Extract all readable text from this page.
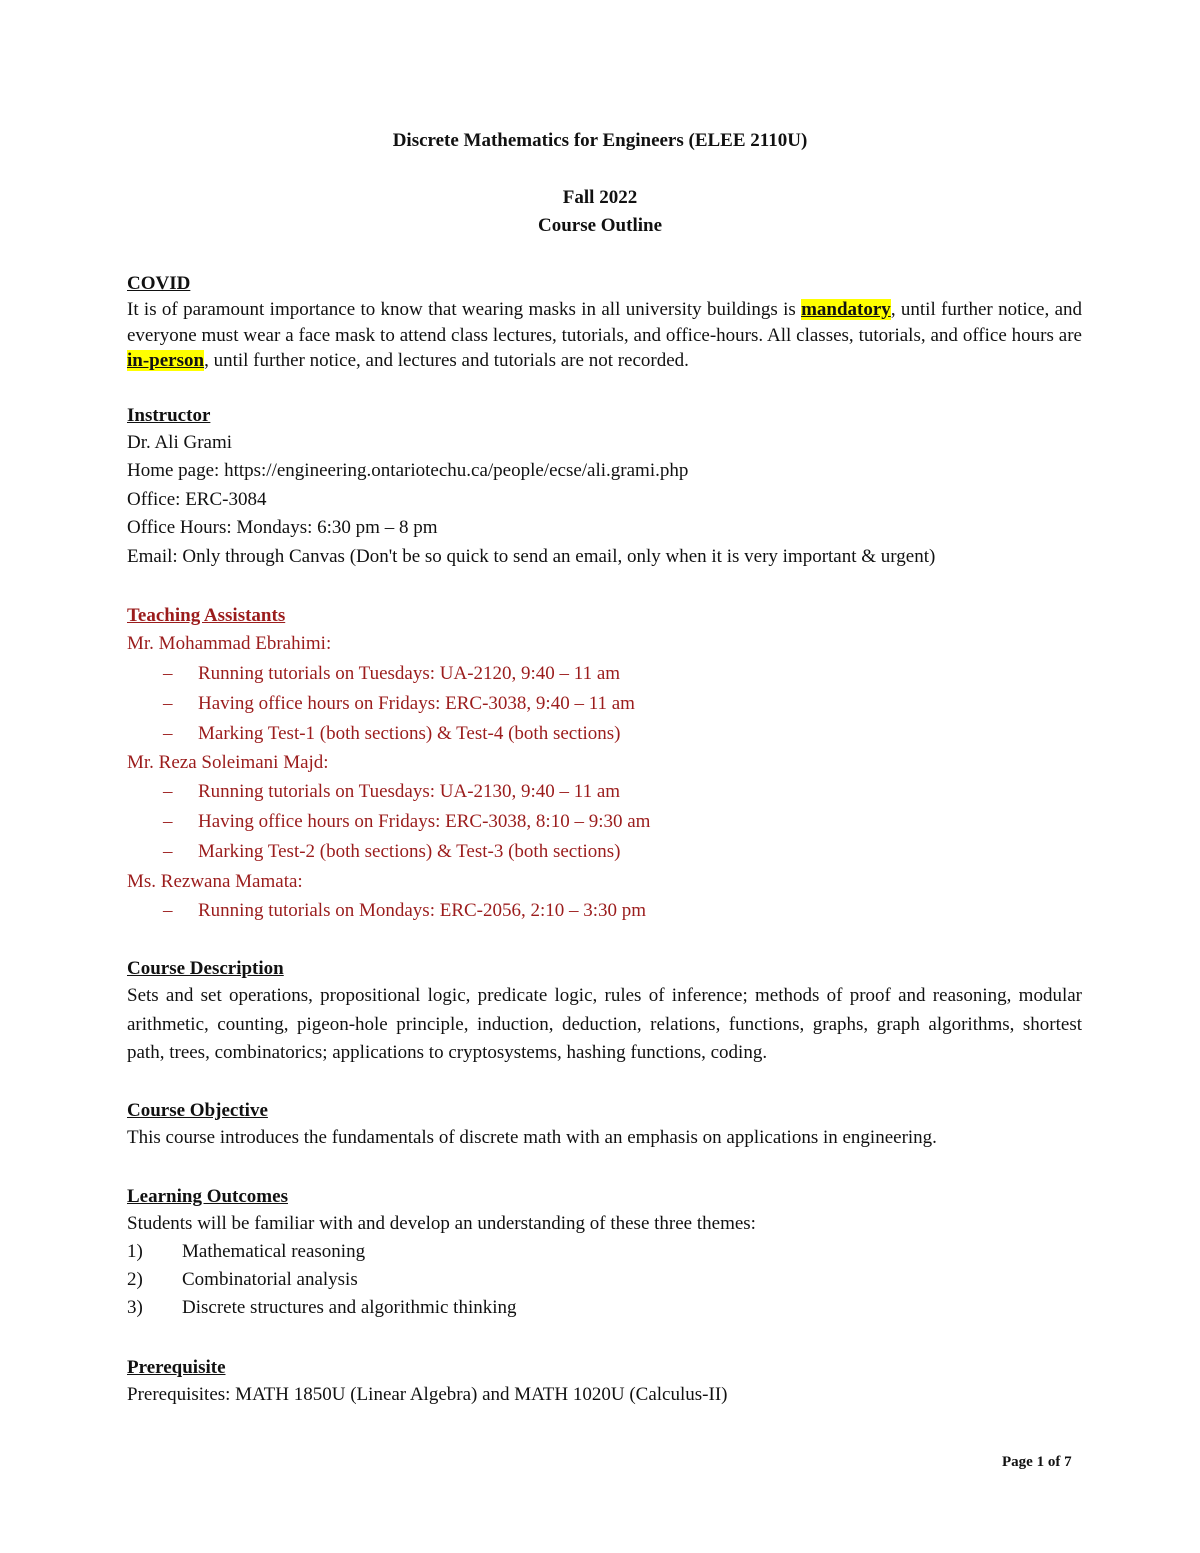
Discrete Mathematics for Engineers (ELEE 2110U)
Fall 2022
Course Outline

COVID

It is of paramount importance to know that wearing masks in all university buildings is mandatory, until further notice, and everyone must wear a face mask to attend class lectures, tutorials, and office-hours. All classes, tutorials, and office hours are in-person, until further notice, and lectures and tutorials are not recorded.

Instructor

Dr. Ali Grami

Home page: https://engineering.ontariotechu.ca/people/ecse/ali.grami.php

Office: ERC-3084

Office Hours: Mondays: 6:30 pm – 8 pm

Email: Only through Canvas (Don't be so quick to send an email, only when it is very important & urgent)

Teaching Assistants

Mr. Mohammad Ebrahimi:

– Running tutorials on Tuesdays: UA-2120, 9:40 – 11 am

– Having office hours on Fridays: ERC-3038, 9:40 – 11 am

– Marking Test-1 (both sections) & Test-4 (both sections)

Mr. Reza Soleimani Majd:

– Running tutorials on Tuesdays: UA-2130, 9:40 – 11 am

– Having office hours on Fridays: ERC-3038, 8:10 – 9:30 am

– Marking Test-2 (both sections) & Test-3 (both sections)

Ms. Rezwana Mamata:

– Running tutorials on Mondays: ERC-2056, 2:10 – 3:30 pm

Course Description

Sets and set operations, propositional logic, predicate logic, rules of inference; methods of proof and reasoning, modular arithmetic, counting, pigeon-hole principle, induction, deduction, relations, functions, graphs, graph algorithms, shortest path, trees, combinatorics; applications to cryptosystems, hashing functions, coding.

Course Objective

This course introduces the fundamentals of discrete math with an emphasis on applications in engineering.

Learning Outcomes

Students will be familiar with and develop an understanding of these three themes:

1) Mathematical reasoning

2) Combinatorial analysis

3) Discrete structures and algorithmic thinking

Prerequisite

Prerequisites: MATH 1850U (Linear Algebra) and MATH 1020U (Calculus-II)

Page 1 of 7
